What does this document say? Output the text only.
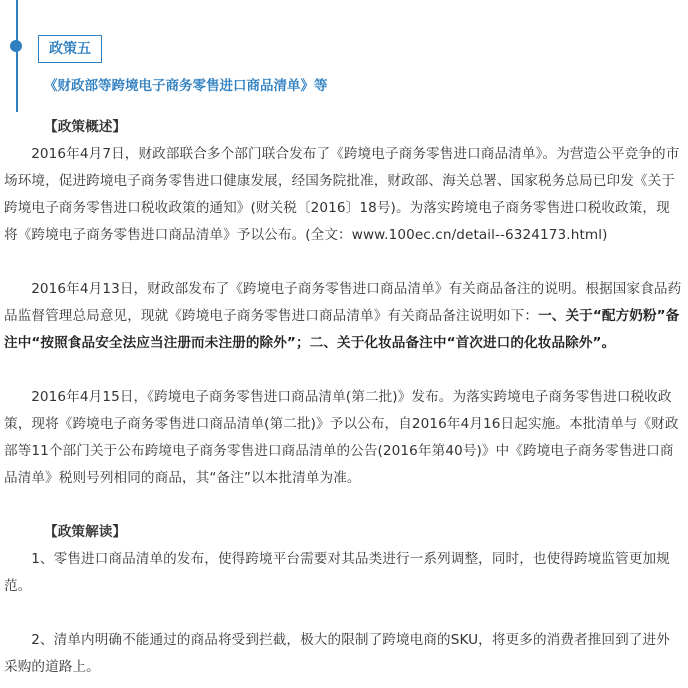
政策五
《财政部等跨境电子商务零售进口商品清单》等

【政策概述】

2016年4月7日，财政部联合多个部门联合发布了《跨境电子商务零售进口商品清单》。为营造公平竞争的市场环境，促进跨境电子商务零售进口健康发展，经国务院批准，财政部、海关总署、国家税务总局已印发《关于跨境电子商务零售进口税收政策的通知》(财关税〔2016〕18号)。为落实跨境电子商务零售进口税收政策，现将《跨境电子商务零售进口商品清单》予以公布。(全文：www.100ec.cn/detail--6324173.html)

2016年4月13日，财政部发布了《跨境电子商务零售进口商品清单》有关商品备注的说明。根据国家食品药品监督管理总局意见，现就《跨境电子商务零售进口商品清单》有关商品备注说明如下：一、关于“配方奶粉”备注中“按照食品安全法应当注册而未注册的除外”；二、关于化妆品备注中“首次进口的化妆品除外”。

2016年4月15日，《跨境电子商务零售进口商品清单(第二批)》发布。为落实跨境电子商务零售进口税收政策，现将《跨境电子商务零售进口商品清单(第二批)》予以公布，自2016年4月16日起实施。本批清单与《财政部等11个部门关于公布跨境电子商务零售进口商品清单的公告(2016年第40号)》中《跨境电子商务零售进口商品清单》税则号列相同的商品，其“备注”以本批清单为准。

【政策解读】

1、零售进口商品清单的发布，使得跨境平台需要对其品类进行一系列调整，同时，也使得跨境监管更加规范。

2、清单内明确不能通过的商品将受到拦截，极大的限制了跨境电商的SKU，将更多的消费者推回到了进外采购的道路上。
